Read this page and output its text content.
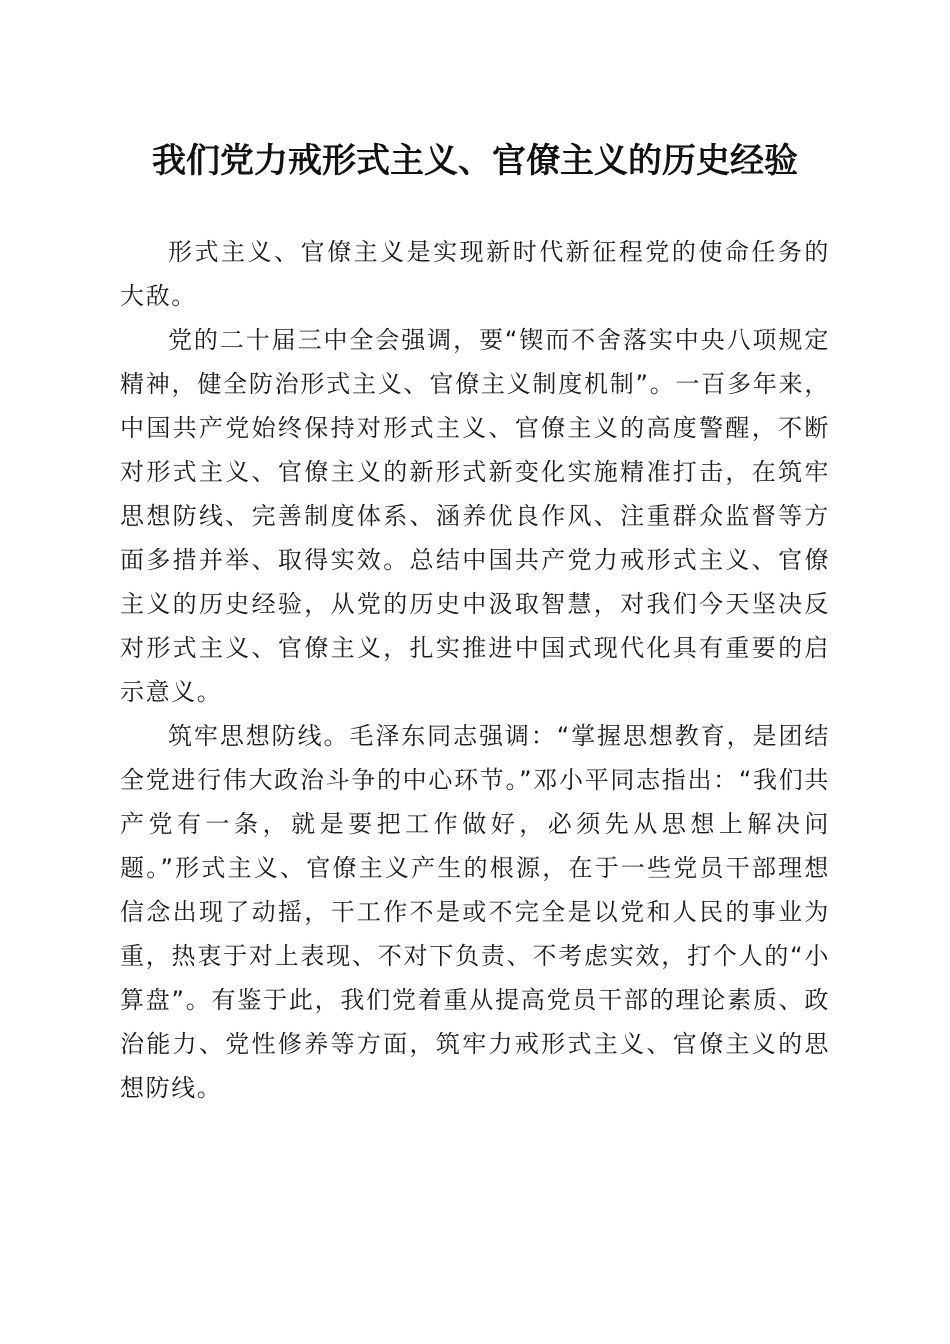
我们党力戒形式主义、官僚主义的历史经验

形式主义、官僚主义是实现新时代新征程党的使命任务的大敌。

党的二十届三中全会强调，要“锲而不舍落实中央八项规定精神，健全防治形式主义、官僚主义制度机制”。一百多年来，中国共产党始终保持对形式主义、官僚主义的高度警醒，不断对形式主义、官僚主义的新形式新变化实施精准打击，在筑牢思想防线、完善制度体系、涵养优良作风、注重群众监督等方面多措并举、取得实效。总结中国共产党力戒形式主义、官僚主义的历史经验，从党的历史中汲取智慧，对我们今天坚决反对形式主义、官僚主义，扎实推进中国式现代化具有重要的启示意义。

筑牢思想防线。毛泽东同志强调：“掌握思想教育，是团结全党进行伟大政治斗争的中心环节。”邓小平同志指出：“我们共产党有一条，就是要把工作做好，必须先从思想上解决问题。”形式主义、官僚主义产生的根源，在于一些党员干部理想信念出现了动摇，干工作不是或不完全是以党和人民的事业为重，热衷于对上表现、不对下负责、不考虑实效，打个人的“小算盘”。有鉴于此，我们党着重从提高党员干部的理论素质、政治能力、党性修养等方面，筑牢力戒形式主义、官僚主义的思想防线。
